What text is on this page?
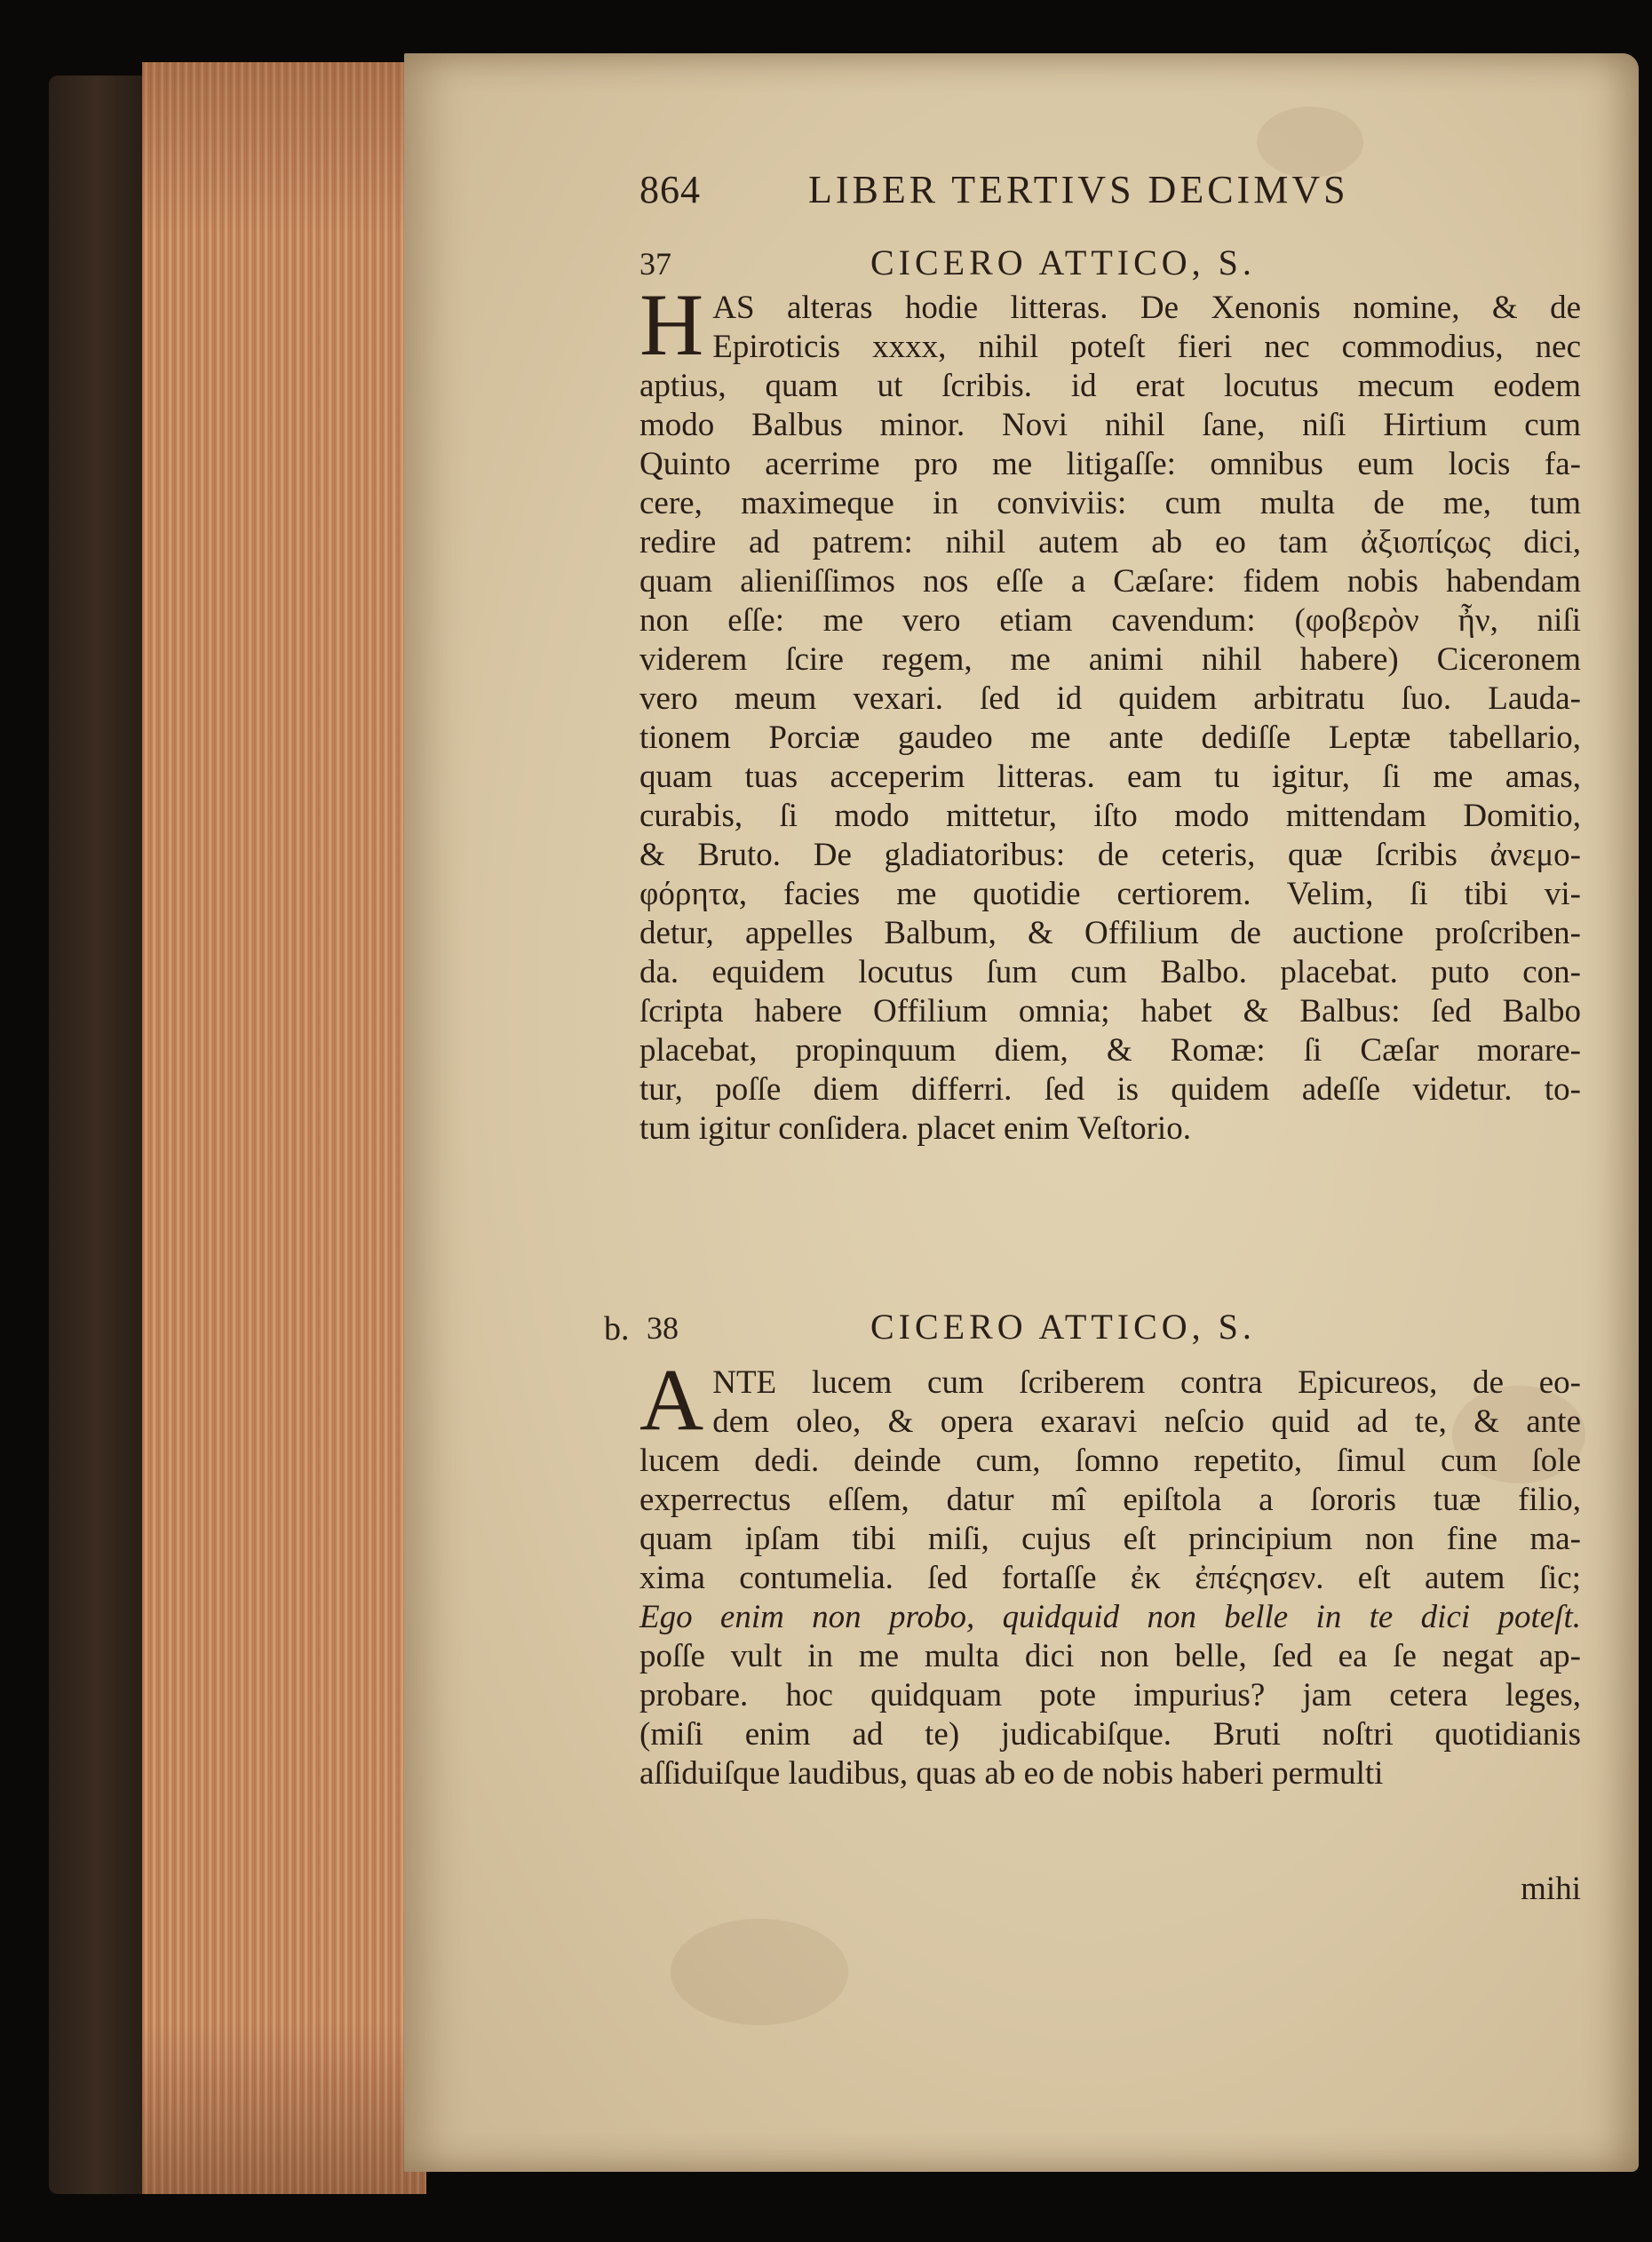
864	LIBER TERTIVS DECIMVS
37	CICERO ATTICO, S.
H AS alteras hodie litteras. De Xenonis nomine, & de
Epiroticis xxxx, nihil poteſt fieri nec commodius, nec
aptius, quam ut ſcribis. id erat locutus mecum eodem
modo Balbus minor. Novi nihil ſane, niſi Hirtium cum
Quinto acerrime pro me litigaſſe: omnibus eum locis fa-
cere, maximeque in conviviis: cum multa de me, tum
redire ad patrem: nihil autem ab eo tam ἀξιοπίςως dici,
quam alieniſſimos nos eſſe a Cæſare: fidem nobis habendam
non eſſe: me vero etiam cavendum: (φοβερὸν ἦν, niſi
viderem ſcire regem, me animi nihil habere) Ciceronem
vero meum vexari. ſed id quidem arbitratu ſuo. Lauda-
tionem Porciæ gaudeo me ante dediſſe Leptæ tabellario,
quam tuas acceperim litteras. eam tu igitur, ſi me amas,
curabis, ſi modo mittetur, iſto modo mittendam Domitio,
& Bruto. De gladiatoribus: de ceteris, quæ ſcribis ἀνεμο-
φόρητα, facies me quotidie certiorem. Velim, ſi tibi vi-
detur, appelles Balbum, & Offilium de auctione proſcriben-
da. equidem locutus ſum cum Balbo. placebat. puto con-
ſcripta habere Offilium omnia; habet & Balbus: ſed Balbo
placebat, propinquum diem, & Romæ: ſi Cæſar morare-
tur, poſſe diem differri. ſed is quidem adeſſe videtur. to-
tum igitur conſidera. placet enim Veſtorio.
b. 38	CICERO ATTICO, S.
A NTE lucem cum ſcriberem contra Epicureos, de eo-
dem oleo, & opera exaravi neſcio quid ad te, & ante
lucem dedi. deinde cum, ſomno repetito, ſimul cum ſole
experrectus eſſem, datur mî epiſtola a ſororis tuæ filio,
quam ipſam tibi miſi, cujus eſt principium non fine ma-
xima contumelia. ſed fortaſſe ἐκ ἐπέςησεν. eſt autem ſic;
Ego enim non probo, quidquid non belle in te dici poteſt.
poſſe vult in me multa dici non belle, ſed ea ſe negat ap-
probare. hoc quidquam pote impurius? jam cetera leges,
(miſi enim ad te) judicabiſque. Bruti noſtri quotidianis
aſſiduiſque laudibus, quas ab eo de nobis haberi permulti
mihi
